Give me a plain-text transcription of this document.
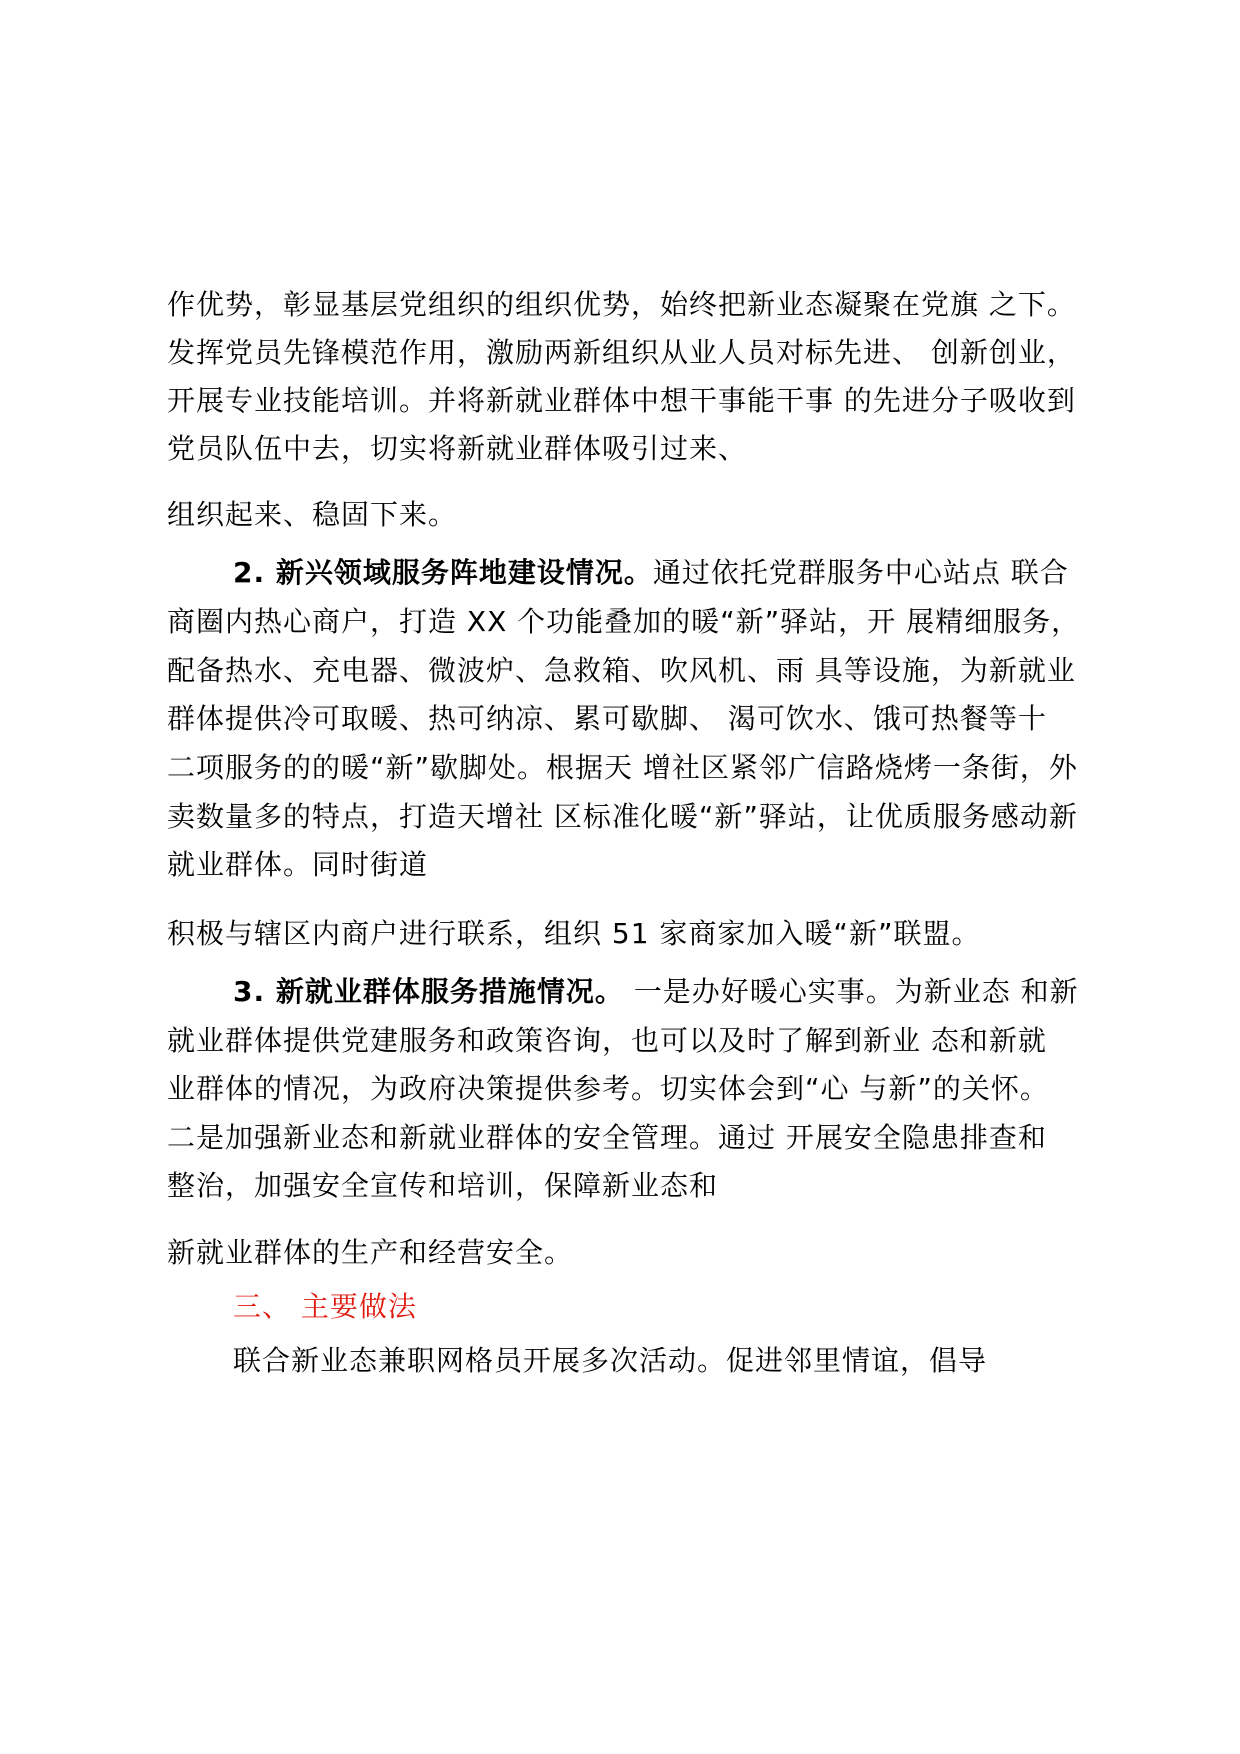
作优势，彰显基层党组织的组织优势，始终把新业态凝聚在党旗 之下。
发挥党员先锋模范作用，激励两新组织从业人员对标先进、 创新创业，
开展专业技能培训。并将新就业群体中想干事能干事 的先进分子吸收到
党员队伍中去，切实将新就业群体吸引过来、
组织起来、稳固下来。
2. 新兴领域服务阵地建设情况。通过依托党群服务中心站点 联合
商圈内热心商户，打造 XX 个功能叠加的暖“新”驿站，开 展精细服务，
配备热水、充电器、微波炉、急救箱、吹风机、雨 具等设施，为新就业
群体提供冷可取暖、热可纳凉、累可歇脚、 渴可饮水、饿可热餐等十
二项服务的的暖“新”歇脚处。根据天 增社区紧邻广信路烧烤一条街，外
卖数量多的特点，打造天增社 区标准化暖“新”驿站，让优质服务感动新
就业群体。同时街道
积极与辖区内商户进行联系，组织 51 家商家加入暖“新”联盟。
3. 新就业群体服务措施情况。 一是办好暖心实事。为新业态 和新
就业群体提供党建服务和政策咨询，也可以及时了解到新业 态和新就
业群体的情况，为政府决策提供参考。切实体会到“心 与新”的关怀。
二是加强新业态和新就业群体的安全管理。通过 开展安全隐患排查和
整治，加强安全宣传和培训，保障新业态和
新就业群体的生产和经营安全。
三、 主要做法
联合新业态兼职网格员开展多次活动。促进邻里情谊，倡导
